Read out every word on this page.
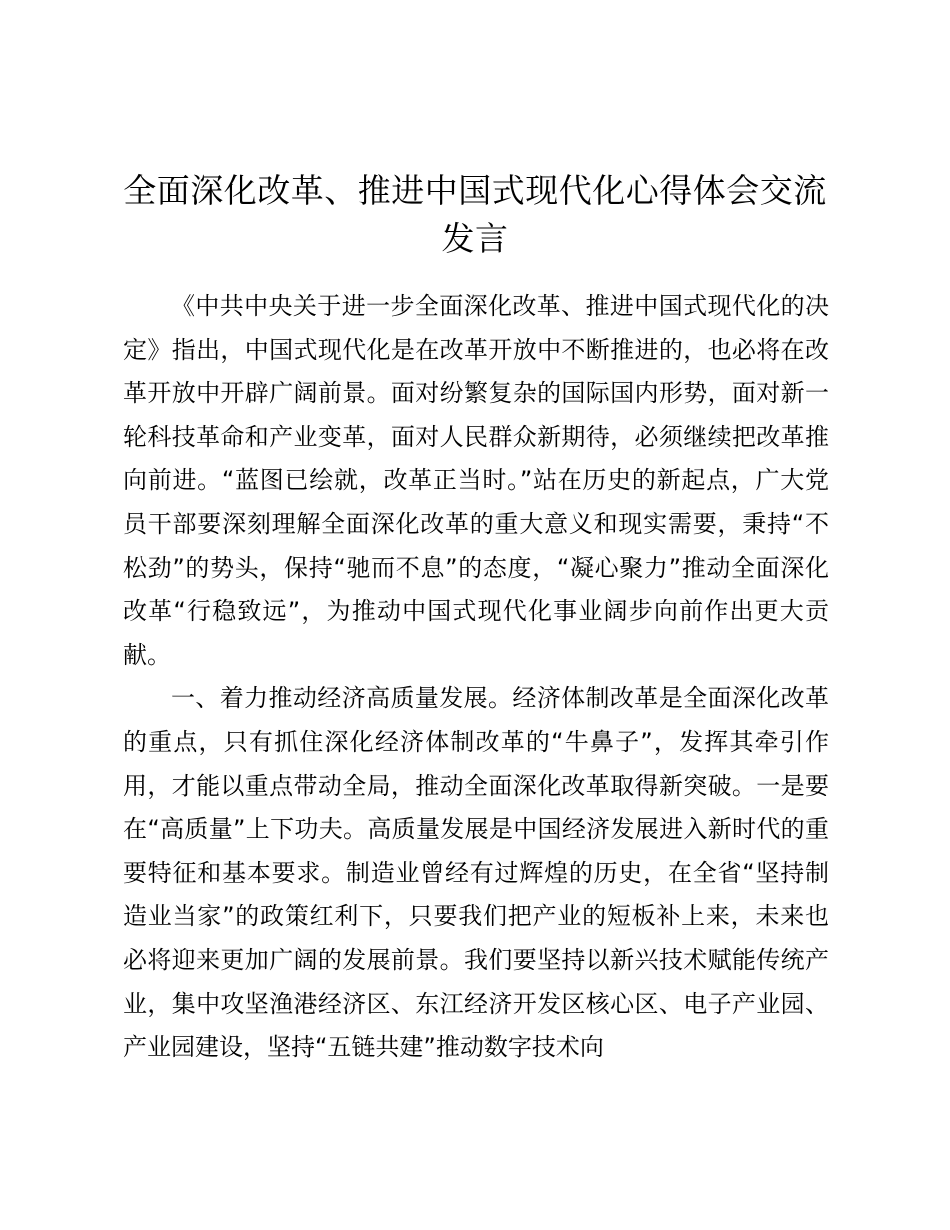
全面深化改革、推进中国式现代化心得体会交流发言

《中共中央关于进一步全面深化改革、推进中国式现代化的决定》指出，中国式现代化是在改革开放中不断推进的，也必将在改革开放中开辟广阔前景。面对纷繁复杂的国际国内形势，面对新一轮科技革命和产业变革，面对人民群众新期待，必须继续把改革推向前进。“蓝图已绘就，改革正当时。”站在历史的新起点，广大党员干部要深刻理解全面深化改革的重大意义和现实需要，秉持“不松劲”的势头，保持“驰而不息”的态度，“凝心聚力”推动全面深化改革“行稳致远”，为推动中国式现代化事业阔步向前作出更大贡献。

一、着力推动经济高质量发展。经济体制改革是全面深化改革的重点，只有抓住深化经济体制改革的“牛鼻子”，发挥其牵引作用，才能以重点带动全局，推动全面深化改革取得新突破。一是要在“高质量”上下功夫。高质量发展是中国经济发展进入新时代的重要特征和基本要求。制造业曾经有过辉煌的历史，在全省“坚持制造业当家”的政策红利下，只要我们把产业的短板补上来，未来也必将迎来更加广阔的发展前景。我们要坚持以新兴技术赋能传统产业，集中攻坚渔港经济区、东江经济开发区核心区、电子产业园、产业园建设，坚持“五链共建”推动数字技术向
